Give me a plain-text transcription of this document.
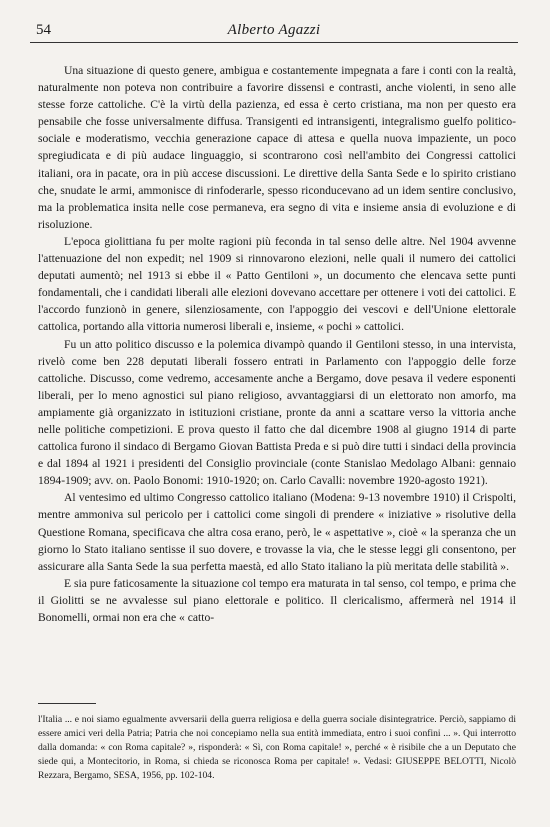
54	Alberto Agazzi

Una situazione di questo genere, ambigua e costantemente impegnata a fare i conti con la realtà, naturalmente non poteva non contribuire a favorire dissensi e contrasti, anche violenti, in seno alle stesse forze cattoliche. C'è la virtù della pazienza, ed essa è certo cristiana, ma non per questo era pensabile che fosse universalmente diffusa. Transigenti ed intransigenti, integralismo guelfo politico-sociale e moderatismo, vecchia generazione capace di attesa e quella nuova impaziente, un poco spregiudicata e di più audace linguaggio, si scontrarono così nell'ambito dei Congressi cattolici italiani, ora in pacate, ora in più accese discussioni. Le direttive della Santa Sede e lo spirito cristiano che, snudate le armi, ammonisce di rinfoderarle, spesso riconducevano ad un idem sentire conclusivo, ma la problematica insita nelle cose permaneva, era segno di vita e insieme ansia di evoluzione e di risoluzione.

L'epoca giolittiana fu per molte ragioni più feconda in tal senso delle altre. Nel 1904 avvenne l'attenuazione del non expedit; nel 1909 si rinnovarono elezioni, nelle quali il numero dei cattolici deputati aumentò; nel 1913 si ebbe il « Patto Gentiloni », un documento che elencava sette punti fondamentali, che i candidati liberali alle elezioni dovevano accettare per ottenere i voti dei cattolici. E l'accordo funzionò in genere, silenziosamente, con l'appoggio dei vescovi e dell'Unione elettorale cattolica, portando alla vittoria numerosi liberali e, insieme, « pochi » cattolici.

Fu un atto politico discusso e la polemica divampò quando il Gentiloni stesso, in una intervista, rivelò come ben 228 deputati liberali fossero entrati in Parlamento con l'appoggio delle forze cattoliche. Discusso, come vedremo, accesamente anche a Bergamo, dove pesava il vedere esponenti liberali, per lo meno agnostici sul piano religioso, avvantaggiarsi di un elettorato non amorfo, ma ampiamente già organizzato in istituzioni cristiane, pronte da anni a scattare verso la vittoria anche nelle politiche competizioni. E prova questo il fatto che dal dicembre 1908 al giugno 1914 di parte cattolica furono il sindaco di Bergamo Giovan Battista Preda e si può dire tutti i sindaci della provincia e dal 1894 al 1921 i presidenti del Consiglio provinciale (conte Stanislao Medolago Albani: gennaio 1894-1909; avv. on. Paolo Bonomi: 1910-1920; on. Carlo Cavalli: novembre 1920-agosto 1921).

Al ventesimo ed ultimo Congresso cattolico italiano (Modena: 9-13 novembre 1910) il Crispolti, mentre ammoniva sul pericolo per i cattolici come singoli di prendere « iniziative » risolutive della Questione Romana, specificava che altra cosa erano, però, le « aspettative », cioè « la speranza che un giorno lo Stato italiano sentisse il suo dovere, e trovasse la via, che le stesse leggi gli consentono, per assicurare alla Santa Sede la sua perfetta maestà, ed allo Stato italiano la più meritata delle stabilità ».

E sia pure faticosamente la situazione col tempo era maturata in tal senso, col tempo, e prima che il Giolitti se ne avvalesse sul piano elettorale e politico. Il clericalismo, affermerà nel 1914 il Bonomelli, ormai non era che « catto-

l'Italia ... e noi siamo egualmente avversarii della guerra religiosa e della guerra sociale disintegratrice. Perciò, sappiamo di essere amici veri della Patria; Patria che noi concepiamo nella sua entità immediata, entro i suoi confini ... ». Qui interrotto dalla domanda: « con Roma capitale? », risponderà: « Sì, con Roma capitale! », perché « è risibile che a un Deputato che siede qui, a Montecitorio, in Roma, si chieda se riconosca Roma per capitale! ». Vedasi: GIUSEPPE BELOTTI, Nicolò Rezzara, Bergamo, SESA, 1956, pp. 102-104.
